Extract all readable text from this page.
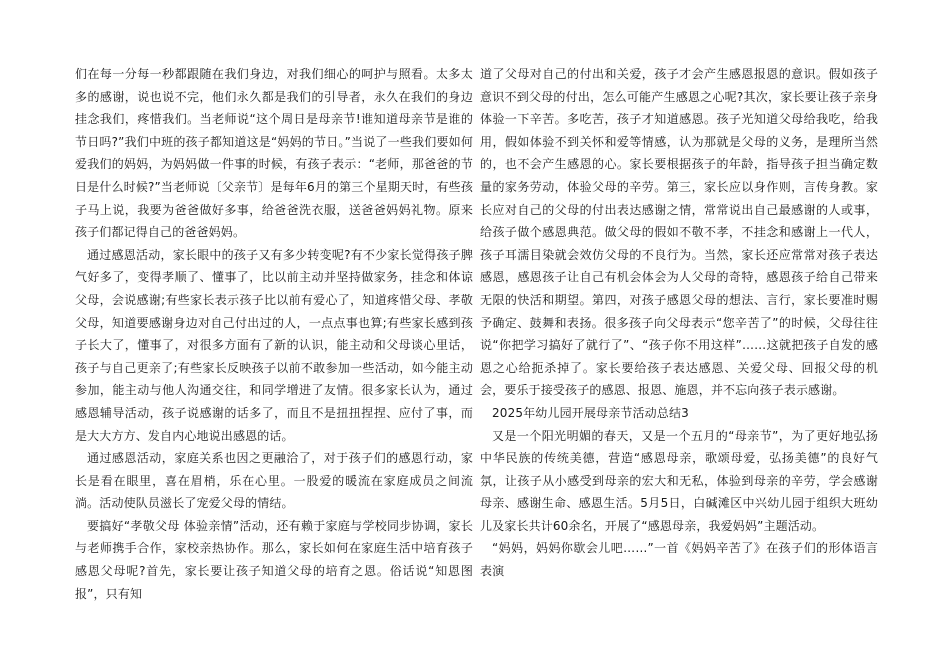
们在每一分每一秒都跟随在我们身边，对我们细心的呵护与照看。太多太多的感谢，说也说不完，他们永久都是我们的引导者，永久在我们的身边挂念我们，疼惜我们。当老师说“这个周日是母亲节!谁知道母亲节是谁的节日吗?”我们中班的孩子都知道这是“妈妈的节日。”当说了一些我们要如何爱我们的妈妈，为妈妈做一件事的时候，有孩子表示：“老师，那爸爸的节日是什么时候?”当老师说〔父亲节〕是每年6月的第三个星期天时，有些孩子马上说，我要为爸爸做好多事，给爸爸洗衣服，送爸爸妈妈礼物。原来孩子们都记得自己的爸爸妈妈。

通过感恩活动，家长眼中的孩子又有多少转变呢?有不少家长觉得孩子脾气好多了，变得孝顺了、懂事了，比以前主动并坚持做家务，挂念和体谅父母，会说感谢;有些家长表示孩子比以前有爱心了，知道疼惜父母、孝敬父母，知道要感谢身边对自己付出过的人，一点点事也算;有些家长感到孩子长大了，懂事了，对很多方面有了新的认识，能主动和父母谈心里话，孩子与自己更亲了;有些家长反映孩子以前不敢参加一些活动，如今能主动参加，能主动与他人沟通交往，和同学增进了友情。很多家长认为，通过感恩辅导活动，孩子说感谢的话多了，而且不是扭扭捏捏、应付了事，而是大大方方、发自内心地说出感恩的话。

通过感恩活动，家庭关系也因之更融洽了，对于孩子们的感恩行动，家长是看在眼里，喜在眉梢，乐在心里。一股爱的暖流在家庭成员之间流淌。活动使队员滋长了宠爱父母的情结。

要搞好“孝敬父母 体验亲情”活动，还有赖于家庭与学校同步协调，家长与老师携手合作，家校亲热协作。那么，家长如何在家庭生活中培育孩子感恩父母呢?首先，家长要让孩子知道父母的培育之恩。俗话说“知恩图报”，只有知

道了父母对自己的付出和关爱，孩子才会产生感恩报恩的意识。假如孩子意识不到父母的付出，怎么可能产生感恩之心呢?其次，家长要让孩子亲身体验一下辛苦。多吃苦，孩子才知道感恩。孩子光知道父母给我吃，给我用，假如体验不到关怀和爱等情感，认为那就是父母的义务，是理所当然的，也不会产生感恩的心。家长要根据孩子的年龄，指导孩子担当确定数量的家务劳动，体验父母的辛劳。第三，家长应以身作则，言传身教。家长应对自己的父母的付出表达感谢之情，常常说出自己最感谢的人或事，给孩子做个感恩典范。做父母的假如不敬不孝，不挂念和感谢上一代人，孩子耳濡目染就会效仿父母的不良行为。当然，家长还应常常对孩子表达感恩，感恩孩子让自己有机会体会为人父母的奇特，感恩孩子给自己带来无限的快活和期望。第四，对孩子感恩父母的想法、言行，家长要准时赐予确定、鼓舞和表扬。很多孩子向父母表示“您辛苦了”的时候，父母往往说“你把学习搞好了就行了”、“孩子你不用这样”……这就把孩子自发的感恩之心给扼杀掉了。家长要给孩子表达感恩、关爱父母、回报父母的机会，要乐于接受孩子的感恩、报恩、施恩，并不忘向孩子表示感谢。

2025年幼儿园开展母亲节活动总结3

又是一个阳光明媚的春天，又是一个五月的“母亲节”，为了更好地弘扬中华民族的传统美德，营造“感恩母亲，歌颂母爱，弘扬美德”的良好气氛，让孩子从小感受到母亲的宏大和无私，体验到母亲的辛劳，学会感谢母亲、感谢生命、感恩生活。5月5日，白碱滩区中兴幼儿园于组织大班幼儿及家长共计60余名，开展了“感恩母亲，我爱妈妈”主题活动。

“妈妈，妈妈你歇会儿吧……”一首《妈妈辛苦了》在孩子们的形体语言表演
